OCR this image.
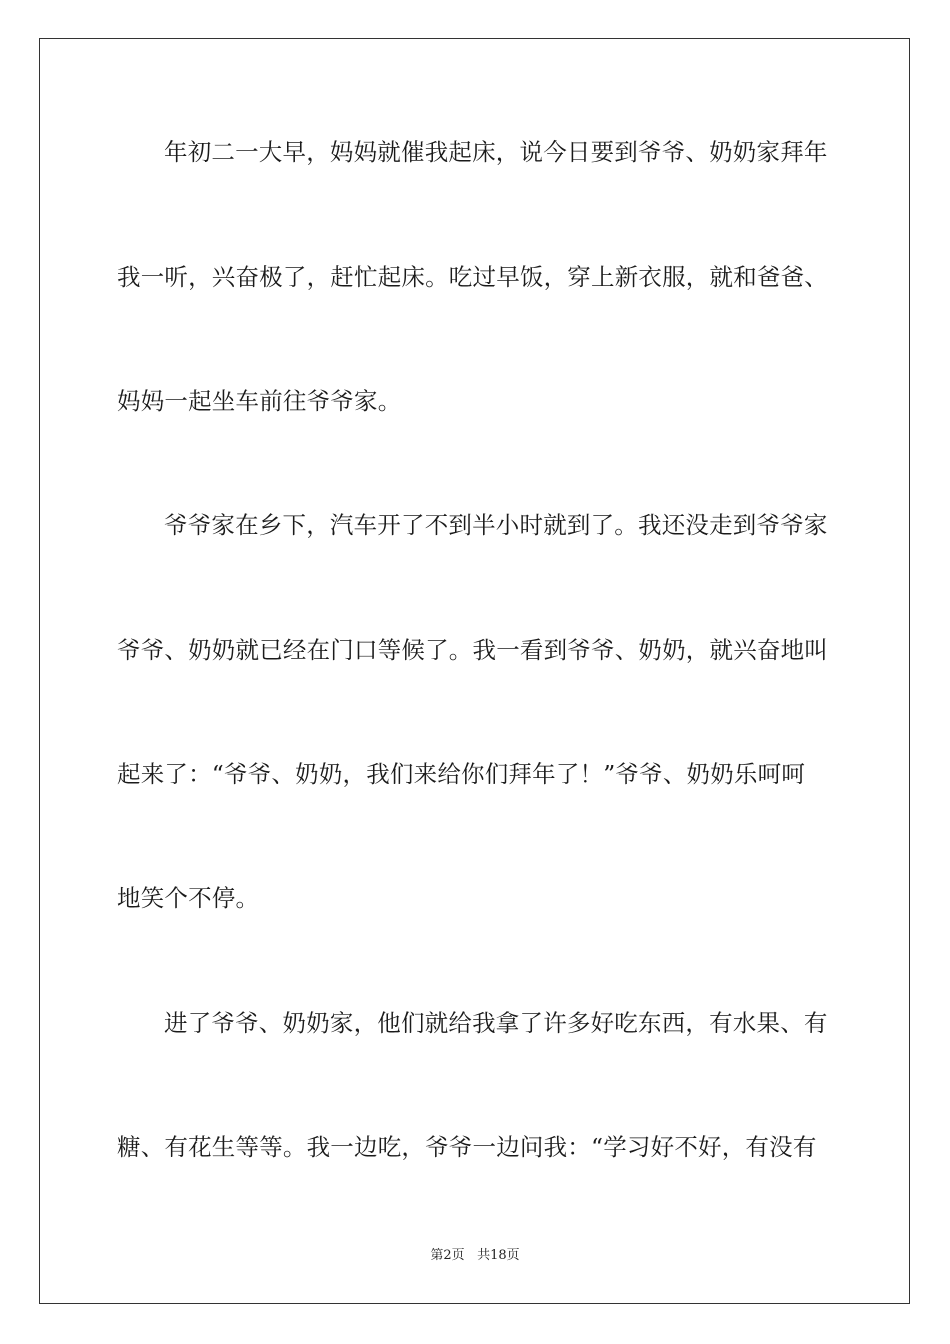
年初二一大早，妈妈就催我起床，说今日要到爷爷、奶奶家拜年
我一听，兴奋极了，赶忙起床。吃过早饭，穿上新衣服，就和爸爸、
妈妈一起坐车前往爷爷家。
爷爷家在乡下，汽车开了不到半小时就到了。我还没走到爷爷家
爷爷、奶奶就已经在门口等候了。我一看到爷爷、奶奶，就兴奋地叫
起来了：“爷爷、奶奶，我们来给你们拜年了！”爷爷、奶奶乐呵呵
地笑个不停。
进了爷爷、奶奶家，他们就给我拿了许多好吃东西，有水果、有
糖、有花生等等。我一边吃，爷爷一边问我：“学习好不好，有没有
第2页 共18页
